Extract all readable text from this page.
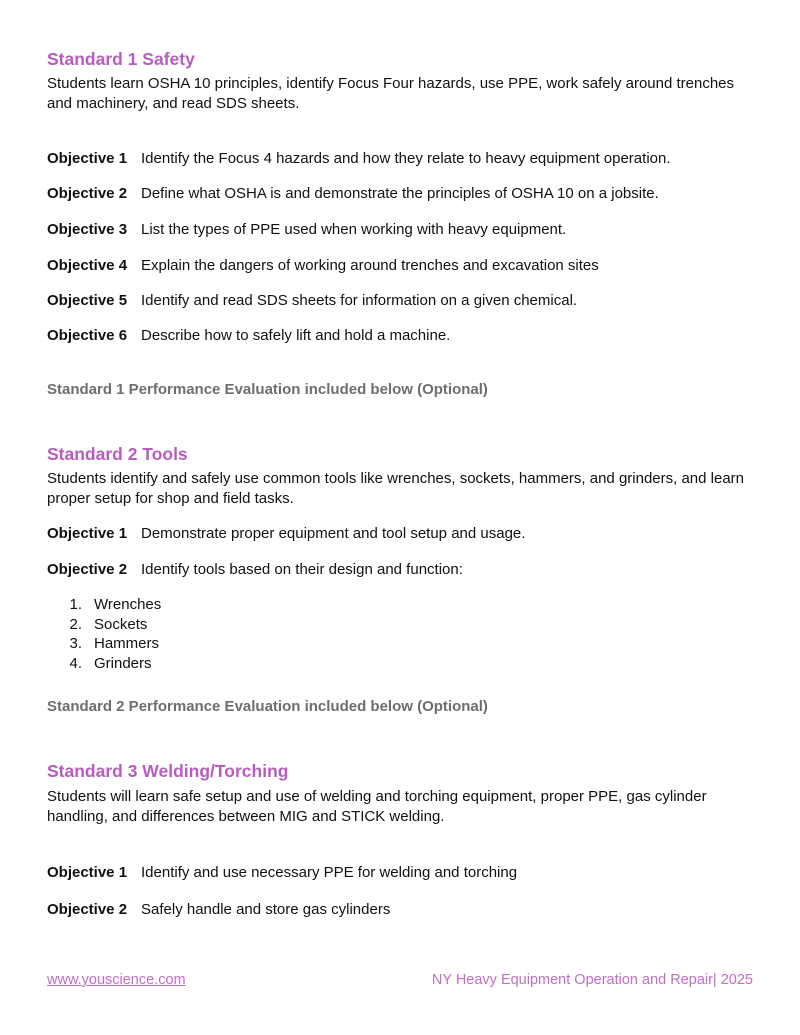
Standard 1 Safety

Students learn OSHA 10 principles, identify Focus Four hazards, use PPE, work safely around trenches and machinery, and read SDS sheets.

Objective 1 Identify the Focus 4 hazards and how they relate to heavy equipment operation.
Objective 2 Define what OSHA is and demonstrate the principles of OSHA 10 on a jobsite.
Objective 3 List the types of PPE used when working with heavy equipment.
Objective 4 Explain the dangers of working around trenches and excavation sites
Objective 5 Identify and read SDS sheets for information on a given chemical.
Objective 6 Describe how to safely lift and hold a machine.

Standard 1 Performance Evaluation included below (Optional)

Standard 2 Tools

Students identify and safely use common tools like wrenches, sockets, hammers, and grinders, and learn proper setup for shop and field tasks.

Objective 1 Demonstrate proper equipment and tool setup and usage.
Objective 2 Identify tools based on their design and function:
1. Wrenches
2. Sockets
3. Hammers
4. Grinders

Standard 2 Performance Evaluation included below (Optional)

Standard 3 Welding/Torching

Students will learn safe setup and use of welding and torching equipment, proper PPE, gas cylinder handling, and differences between MIG and STICK welding.

Objective 1 Identify and use necessary PPE for welding and torching
Objective 2 Safely handle and store gas cylinders
www.youscience.com	NY Heavy Equipment Operation and Repair| 2025
